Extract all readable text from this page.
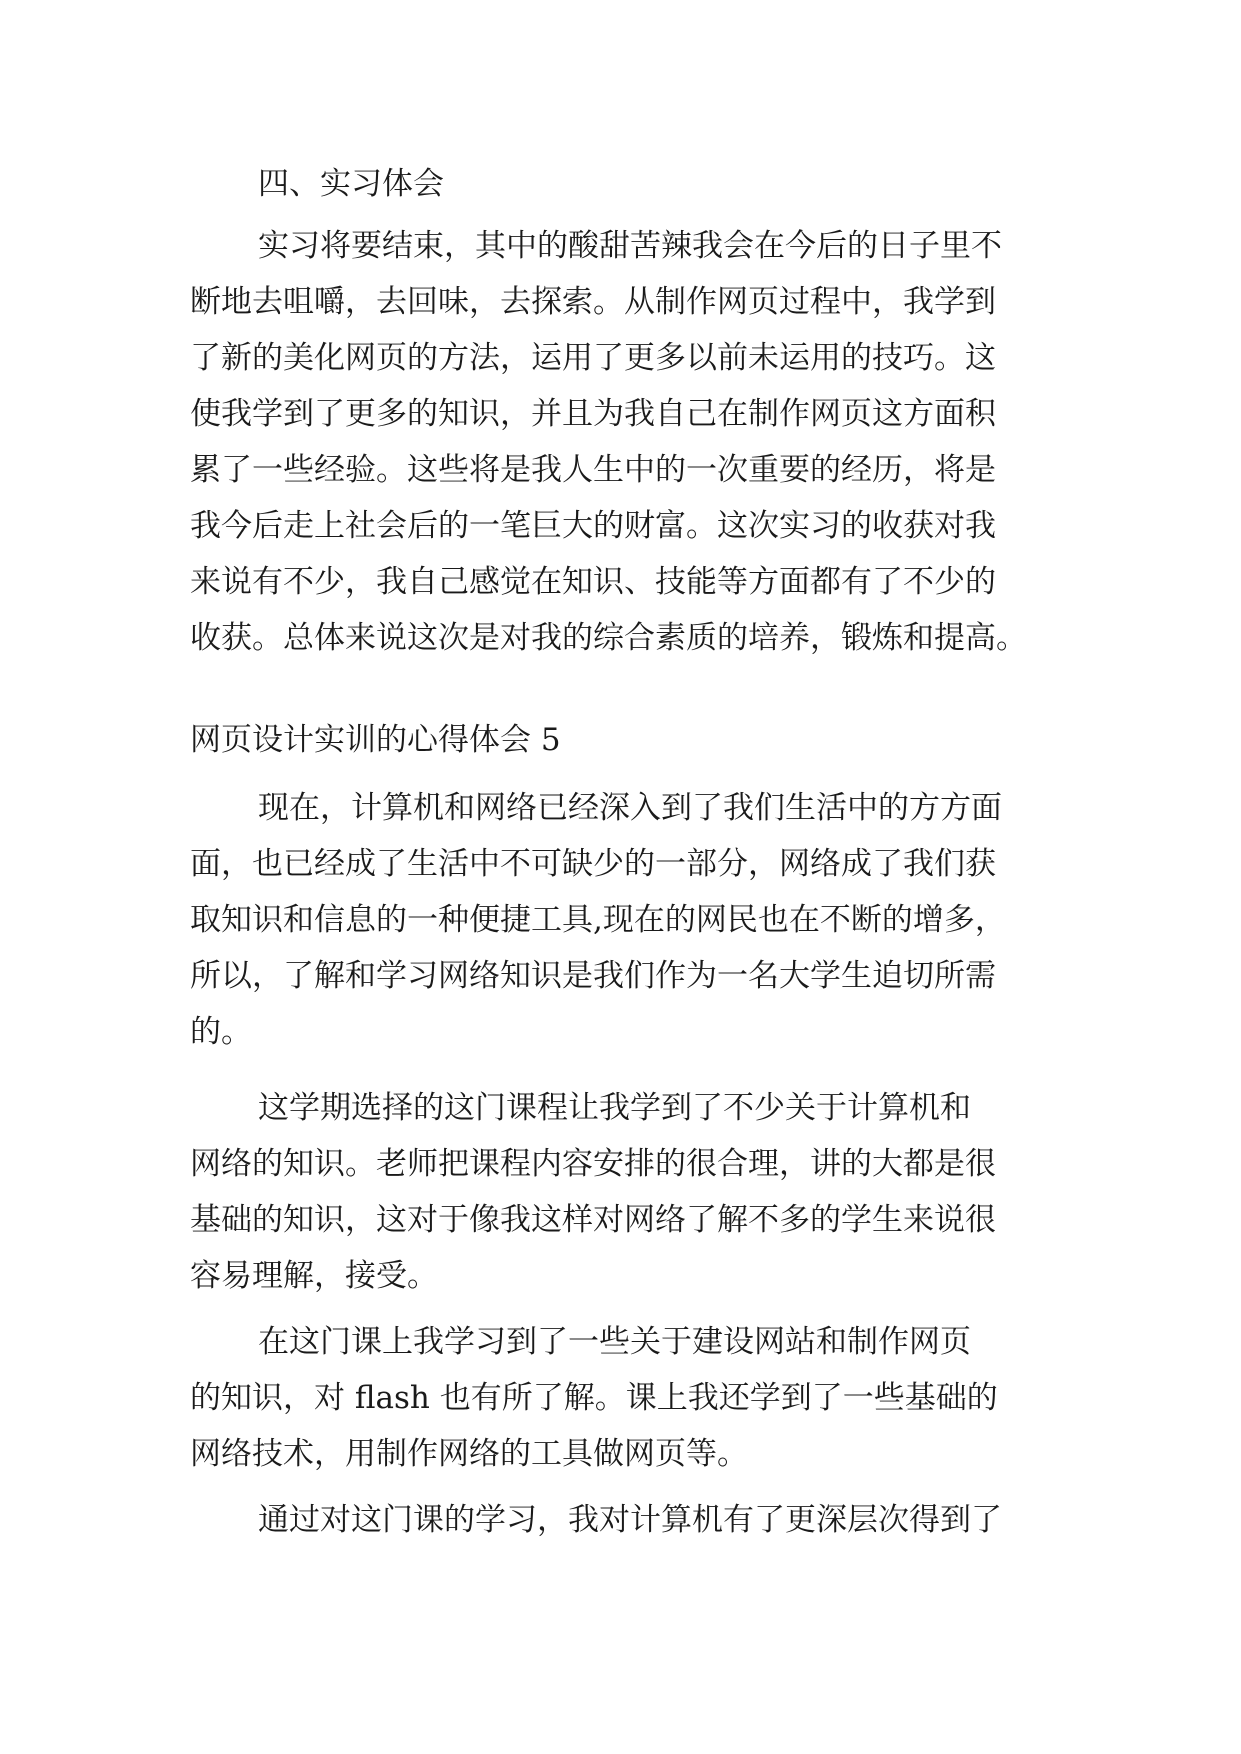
四、实习体会
实习将要结束，其中的酸甜苦辣我会在今后的日子里不
断地去咀嚼，去回味，去探索。从制作网页过程中，我学到
了新的美化网页的方法，运用了更多以前未运用的技巧。这
使我学到了更多的知识，并且为我自己在制作网页这方面积
累了一些经验。这些将是我人生中的一次重要的经历，将是
我今后走上社会后的一笔巨大的财富。这次实习的收获对我
来说有不少，我自己感觉在知识、技能等方面都有了不少的
收获。总体来说这次是对我的综合素质的培养，锻炼和提高。
网页设计实训的心得体会 5
现在，计算机和网络已经深入到了我们生活中的方方面
面，也已经成了生活中不可缺少的一部分，网络成了我们获
取知识和信息的一种便捷工具,现在的网民也在不断的增多，
所以，了解和学习网络知识是我们作为一名大学生迫切所需
的。
这学期选择的这门课程让我学到了不少关于计算机和
网络的知识。老师把课程内容安排的很合理，讲的大都是很
基础的知识，这对于像我这样对网络了解不多的学生来说很
容易理解，接受。
在这门课上我学习到了一些关于建设网站和制作网页
的知识，对 flash 也有所了解。课上我还学到了一些基础的
网络技术，用制作网络的工具做网页等。
通过对这门课的学习，我对计算机有了更深层次得到了
